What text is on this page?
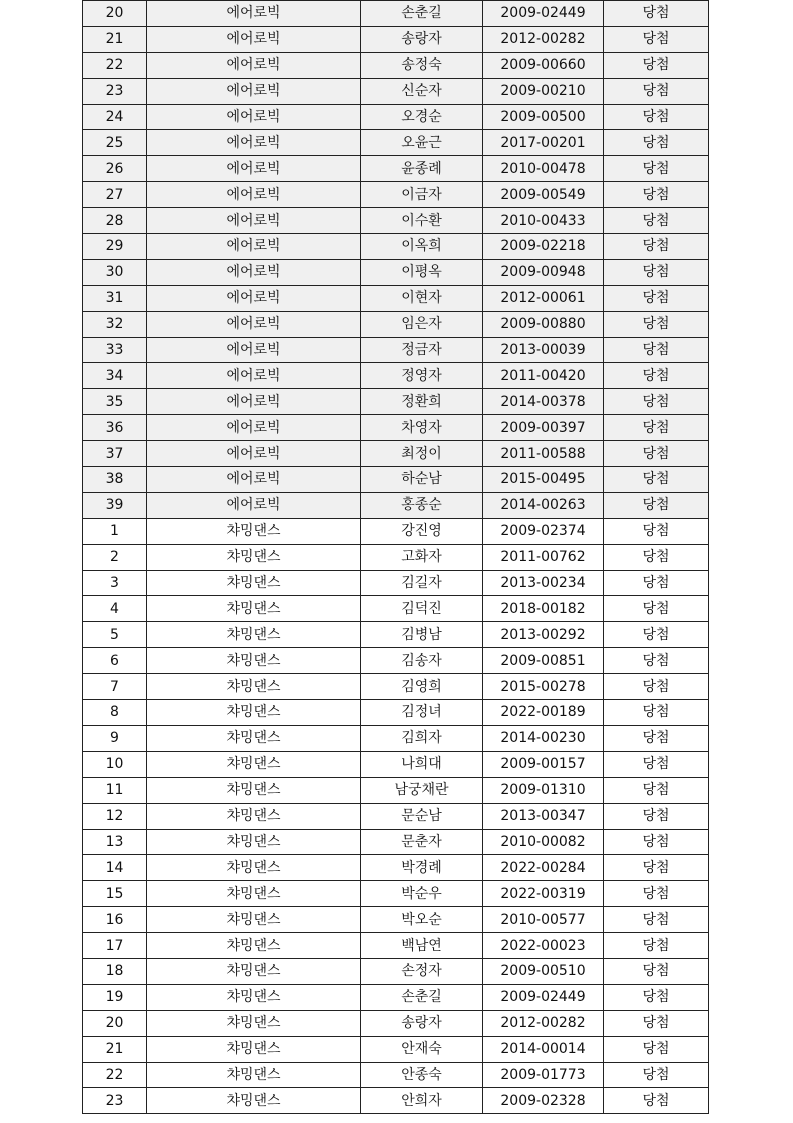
20	에어로빅	손춘길	2009-02449	당첨
21	에어로빅	송랑자	2012-00282	당첨
22	에어로빅	송정숙	2009-00660	당첨
23	에어로빅	신순자	2009-00210	당첨
24	에어로빅	오경순	2009-00500	당첨
25	에어로빅	오윤근	2017-00201	당첨
26	에어로빅	윤종례	2010-00478	당첨
27	에어로빅	이금자	2009-00549	당첨
28	에어로빅	이수환	2010-00433	당첨
29	에어로빅	이옥희	2009-02218	당첨
30	에어로빅	이평옥	2009-00948	당첨
31	에어로빅	이현자	2012-00061	당첨
32	에어로빅	임은자	2009-00880	당첨
33	에어로빅	정금자	2013-00039	당첨
34	에어로빅	정영자	2011-00420	당첨
35	에어로빅	정환희	2014-00378	당첨
36	에어로빅	차영자	2009-00397	당첨
37	에어로빅	최정이	2011-00588	당첨
38	에어로빅	하순남	2015-00495	당첨
39	에어로빅	홍종순	2014-00263	당첨
1	챠밍댄스	강진영	2009-02374	당첨
2	챠밍댄스	고화자	2011-00762	당첨
3	챠밍댄스	김길자	2013-00234	당첨
4	챠밍댄스	김덕진	2018-00182	당첨
5	챠밍댄스	김병남	2013-00292	당첨
6	챠밍댄스	김송자	2009-00851	당첨
7	챠밍댄스	김영희	2015-00278	당첨
8	챠밍댄스	김정녀	2022-00189	당첨
9	챠밍댄스	김희자	2014-00230	당첨
10	챠밍댄스	나희대	2009-00157	당첨
11	챠밍댄스	남궁채란	2009-01310	당첨
12	챠밍댄스	문순남	2013-00347	당첨
13	챠밍댄스	문춘자	2010-00082	당첨
14	챠밍댄스	박경례	2022-00284	당첨
15	챠밍댄스	박순우	2022-00319	당첨
16	챠밍댄스	박오순	2010-00577	당첨
17	챠밍댄스	백남연	2022-00023	당첨
18	챠밍댄스	손정자	2009-00510	당첨
19	챠밍댄스	손춘길	2009-02449	당첨
20	챠밍댄스	송랑자	2012-00282	당첨
21	챠밍댄스	안재숙	2014-00014	당첨
22	챠밍댄스	안종숙	2009-01773	당첨
23	챠밍댄스	안희자	2009-02328	당첨
